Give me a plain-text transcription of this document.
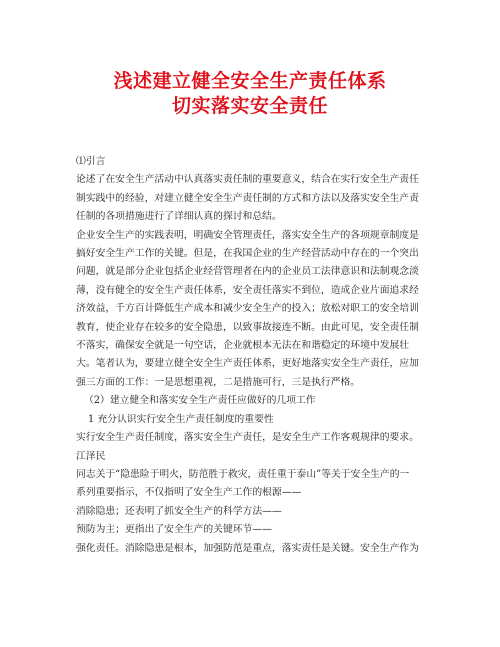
浅述建立健全安全生产责任体系
切实落实安全责任

⑴引言

论述了在安全生产活动中认真落实责任制的重要意义，结合在实行安全生产责任

制实践中的经验，对建立健全安全生产责任制的方式和方法以及落实安全生产责

任制的各项措施进行了详细认真的探讨和总结。

企业安全生产的实践表明，明确安全管理责任，落实安全生产的各项规章制度是

搞好安全生产工作的关键。但是，在我国企业的生产经营活动中存在的一个突出

问题，就是部分企业包括企业经营管理者在内的企业员工法律意识和法制观念淡

薄，没有健全的安全生产责任体系，安全责任落实不到位，造成企业片面追求经

济效益，千方百计降低生产成本和减少安全生产的投入；放松对职工的安全培训

教育，使企业存在较多的安全隐患，以致事故接连不断。由此可见，安全责任制

不落实，确保安全就是一句空话，企业就根本无法在和谐稳定的环境中发展壮

大。笔者认为，要建立健全安全生产责任体系，更好地落实安全生产责任，应加

强三方面的工作：一是思想重视，二是措施可行，三是执行严格。

（2）建立健全和落实安全生产责任应做好的几项工作

1 充分认识实行安全生产责任制度的重要性

实行安全生产责任制度，落实安全生产责任，是安全生产工作客观规律的要求。

江泽民

同志关于“隐患险于明火，防范胜于救灾，责任重于泰山”等关于安全生产的一

系列重要指示，不仅指明了安全生产工作的根源——

消除隐患；还表明了抓安全生产的科学方法——

预防为主；更指出了安全生产的关键环节——

强化责任。消除隐患是根本，加强防范是重点，落实责任是关键。安全生产作为
